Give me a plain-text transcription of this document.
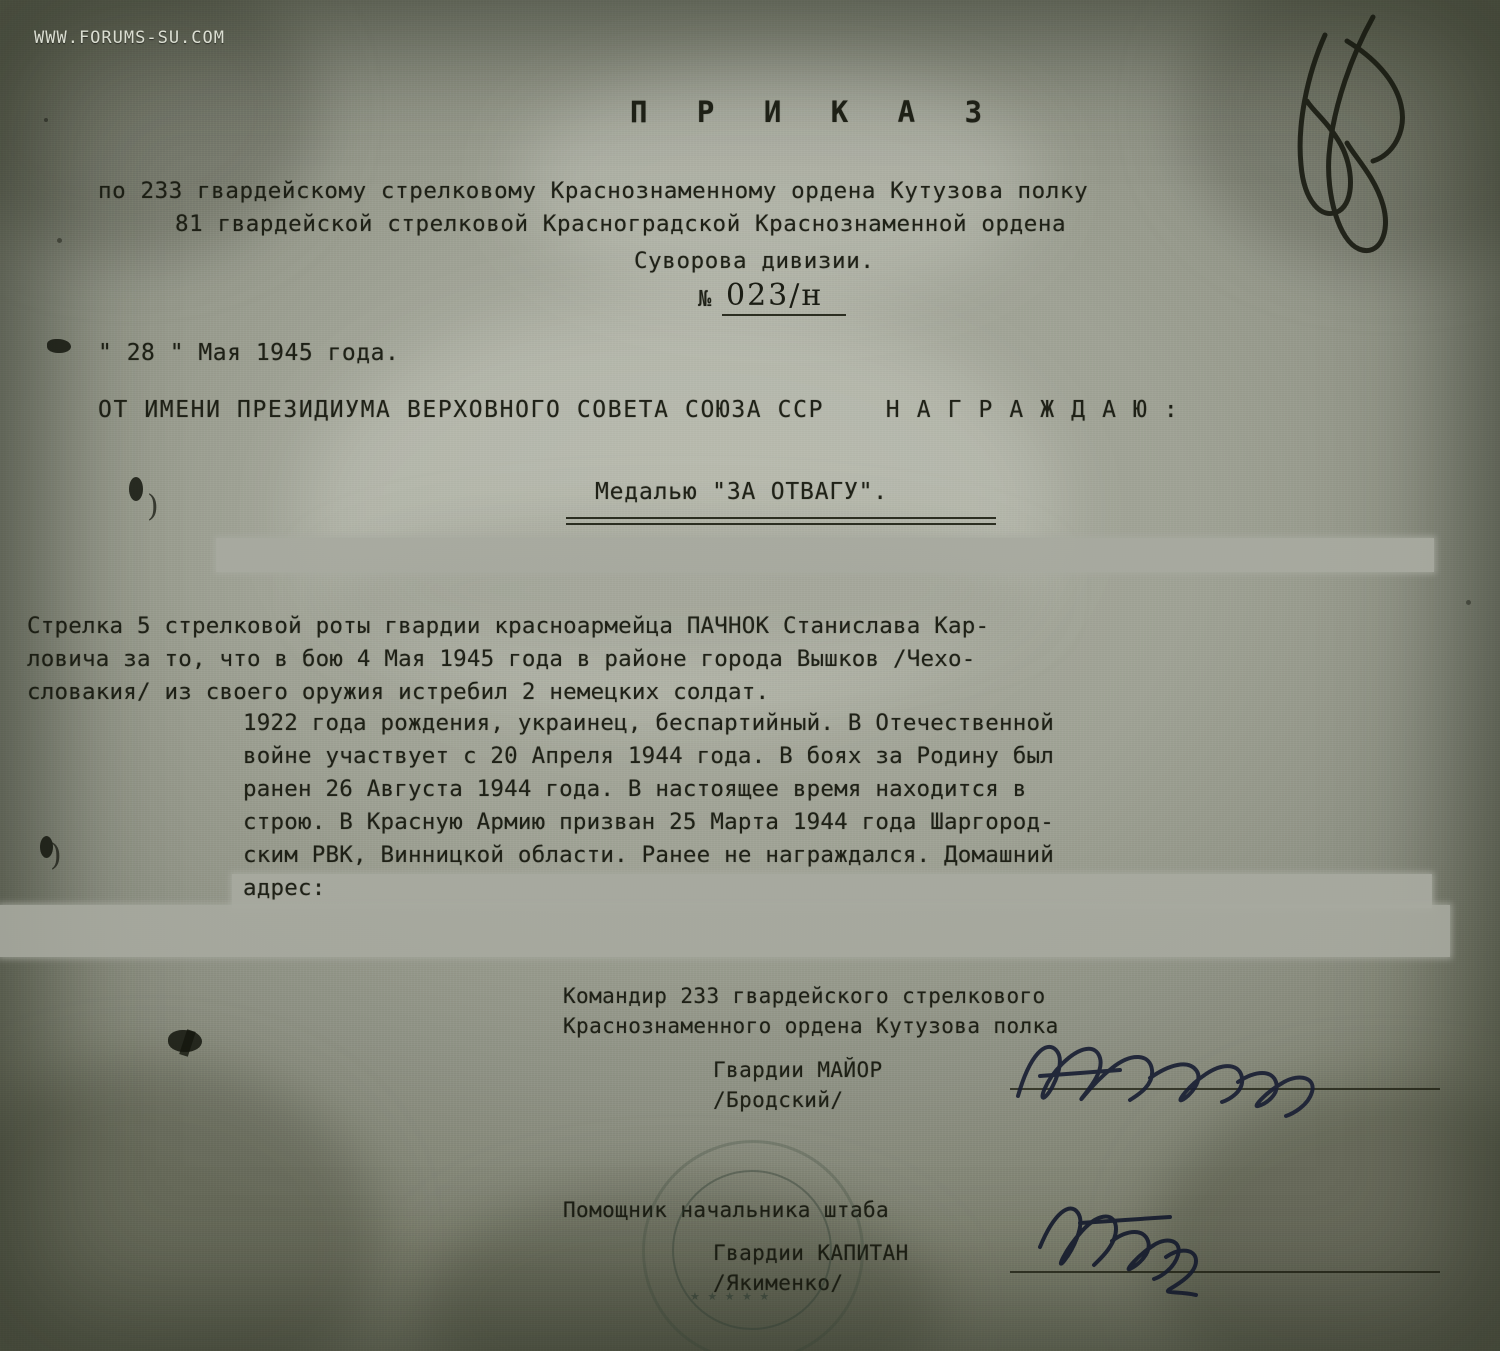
WWW.FORUMS-SU.COM
П Р И К А З
по 233 гвардейскому стрелковому Краснознаменному ордена Кутузова полку
81 гвардейской стрелковой Красноградской Краснознаменной ордена
Суворова дивизии.
№ 023/н
" 28 " Мая 1945 года.
ОТ ИМЕНИ ПРЕЗИДИУМА ВЕРХОВНОГО СОВЕТА СОЮЗА ССР    Н А Г Р А Ж Д А Ю :
Медалью "ЗА ОТВАГУ".
Стрелка 5 стрелковой роты гвардии красноармейца ПАЧНОК Станислава Кар-
ловича за то, что в бою 4 Мая 1945 года в районе города Вышков /Чехо-
словакия/ из своего оружия истребил 2 немецких солдат.
1922 года рождения, украинец, беспартийный. В Отечественной
войне участвует с 20 Апреля 1944 года. В боях за Родину был
ранен 26 Августа 1944 года. В настоящее время находится в
строю. В Красную Армию призван 25 Марта 1944 года Шаргород-
ским РВК, Винницкой области. Ранее не награждался. Домашний
адрес:
Командир 233 гвардейского стрелкового
Краснознаменного ордена Кутузова полка
Гвардии МАЙОР
/Бродский/
Помощник начальника штаба
Гвардии КАПИТАН
/Якименко/
★ ★ ★ ★ ★
)
)
